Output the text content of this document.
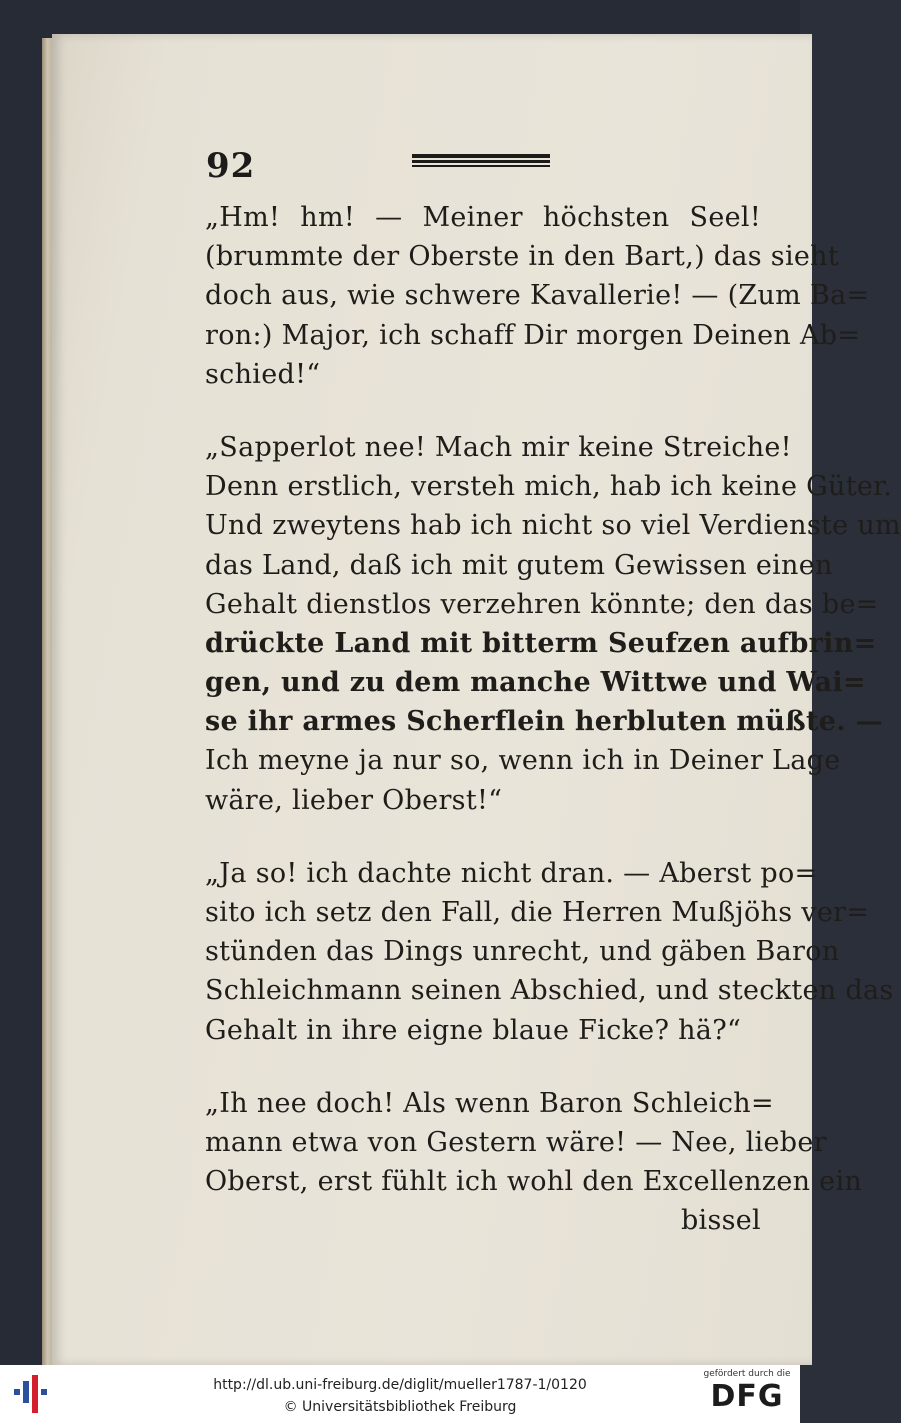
92
„Hm! hm! — Meiner höchsten Seel!
(brummte der Oberste in den Bart,) das sieht
doch aus, wie schwere Kavallerie! — (Zum Ba=
ron:) Major, ich schaff Dir morgen Deinen Ab=
schied!“
„Sapperlot nee! Mach mir keine Streiche!
Denn erstlich, versteh mich, hab ich keine Güter.
Und zweytens hab ich nicht so viel Verdienste um
das Land, daß ich mit gutem Gewissen einen
Gehalt dienstlos verzehren könnte; den das be=
drückte Land mit bitterm Seufzen aufbrin=
gen, und zu dem manche Wittwe und Wai=
se ihr armes Scherflein herbluten müßte. —
Ich meyne ja nur so, wenn ich in Deiner Lage
wäre, lieber Oberst!“
„Ja so! ich dachte nicht dran. — Aberst po=
sito ich setz den Fall, die Herren Mußjöhs ver=
stünden das Dings unrecht, und gäben Baron
Schleichmann seinen Abschied, und steckten das
Gehalt in ihre eigne blaue Ficke? hä?“
„Ih nee doch! Als wenn Baron Schleich=
mann etwa von Gestern wäre! — Nee, lieber
Oberst, erst fühlt ich wohl den Excellenzen ein
bissel
http://dl.ub.uni-freiburg.de/diglit/mueller1787-1/0120
© Universitätsbibliothek Freiburg
gefördert durch die
DFG
